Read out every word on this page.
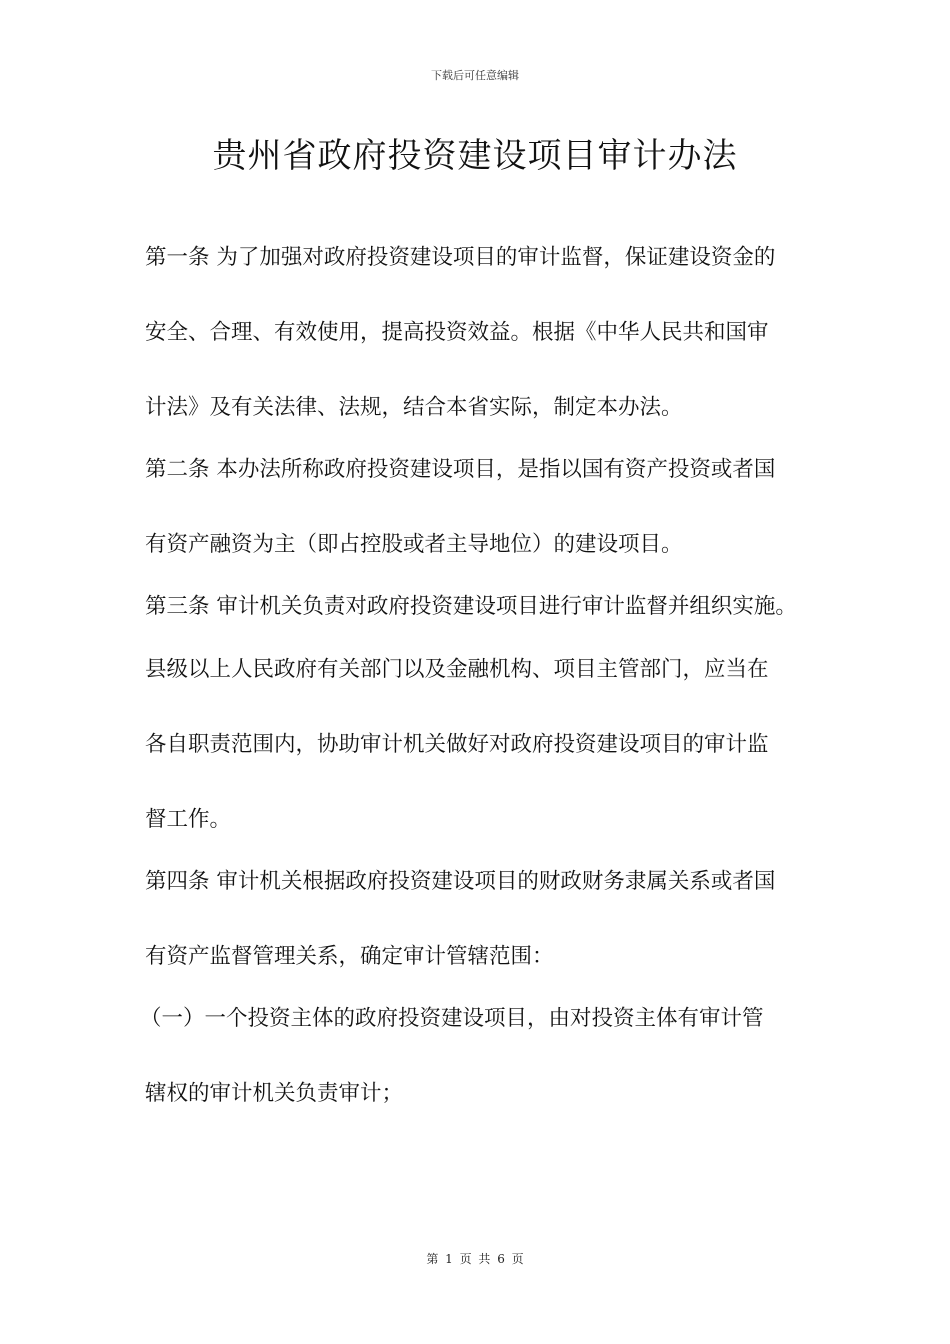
下载后可任意编辑
贵州省政府投资建设项目审计办法
第一条 为了加强对政府投资建设项目的审计监督，保证建设资金的
安全、合理、有效使用，提高投资效益。根据《中华人民共和国审
计法》及有关法律、法规，结合本省实际，制定本办法。
第二条 本办法所称政府投资建设项目，是指以国有资产投资或者国
有资产融资为主（即占控股或者主导地位）的建设项目。
第三条 审计机关负责对政府投资建设项目进行审计监督并组织实施。
县级以上人民政府有关部门以及金融机构、项目主管部门，应当在
各自职责范围内，协助审计机关做好对政府投资建设项目的审计监
督工作。
第四条 审计机关根据政府投资建设项目的财政财务隶属关系或者国
有资产监督管理关系，确定审计管辖范围：
（一）一个投资主体的政府投资建设项目，由对投资主体有审计管
辖权的审计机关负责审计；
第 1 页 共 6 页
